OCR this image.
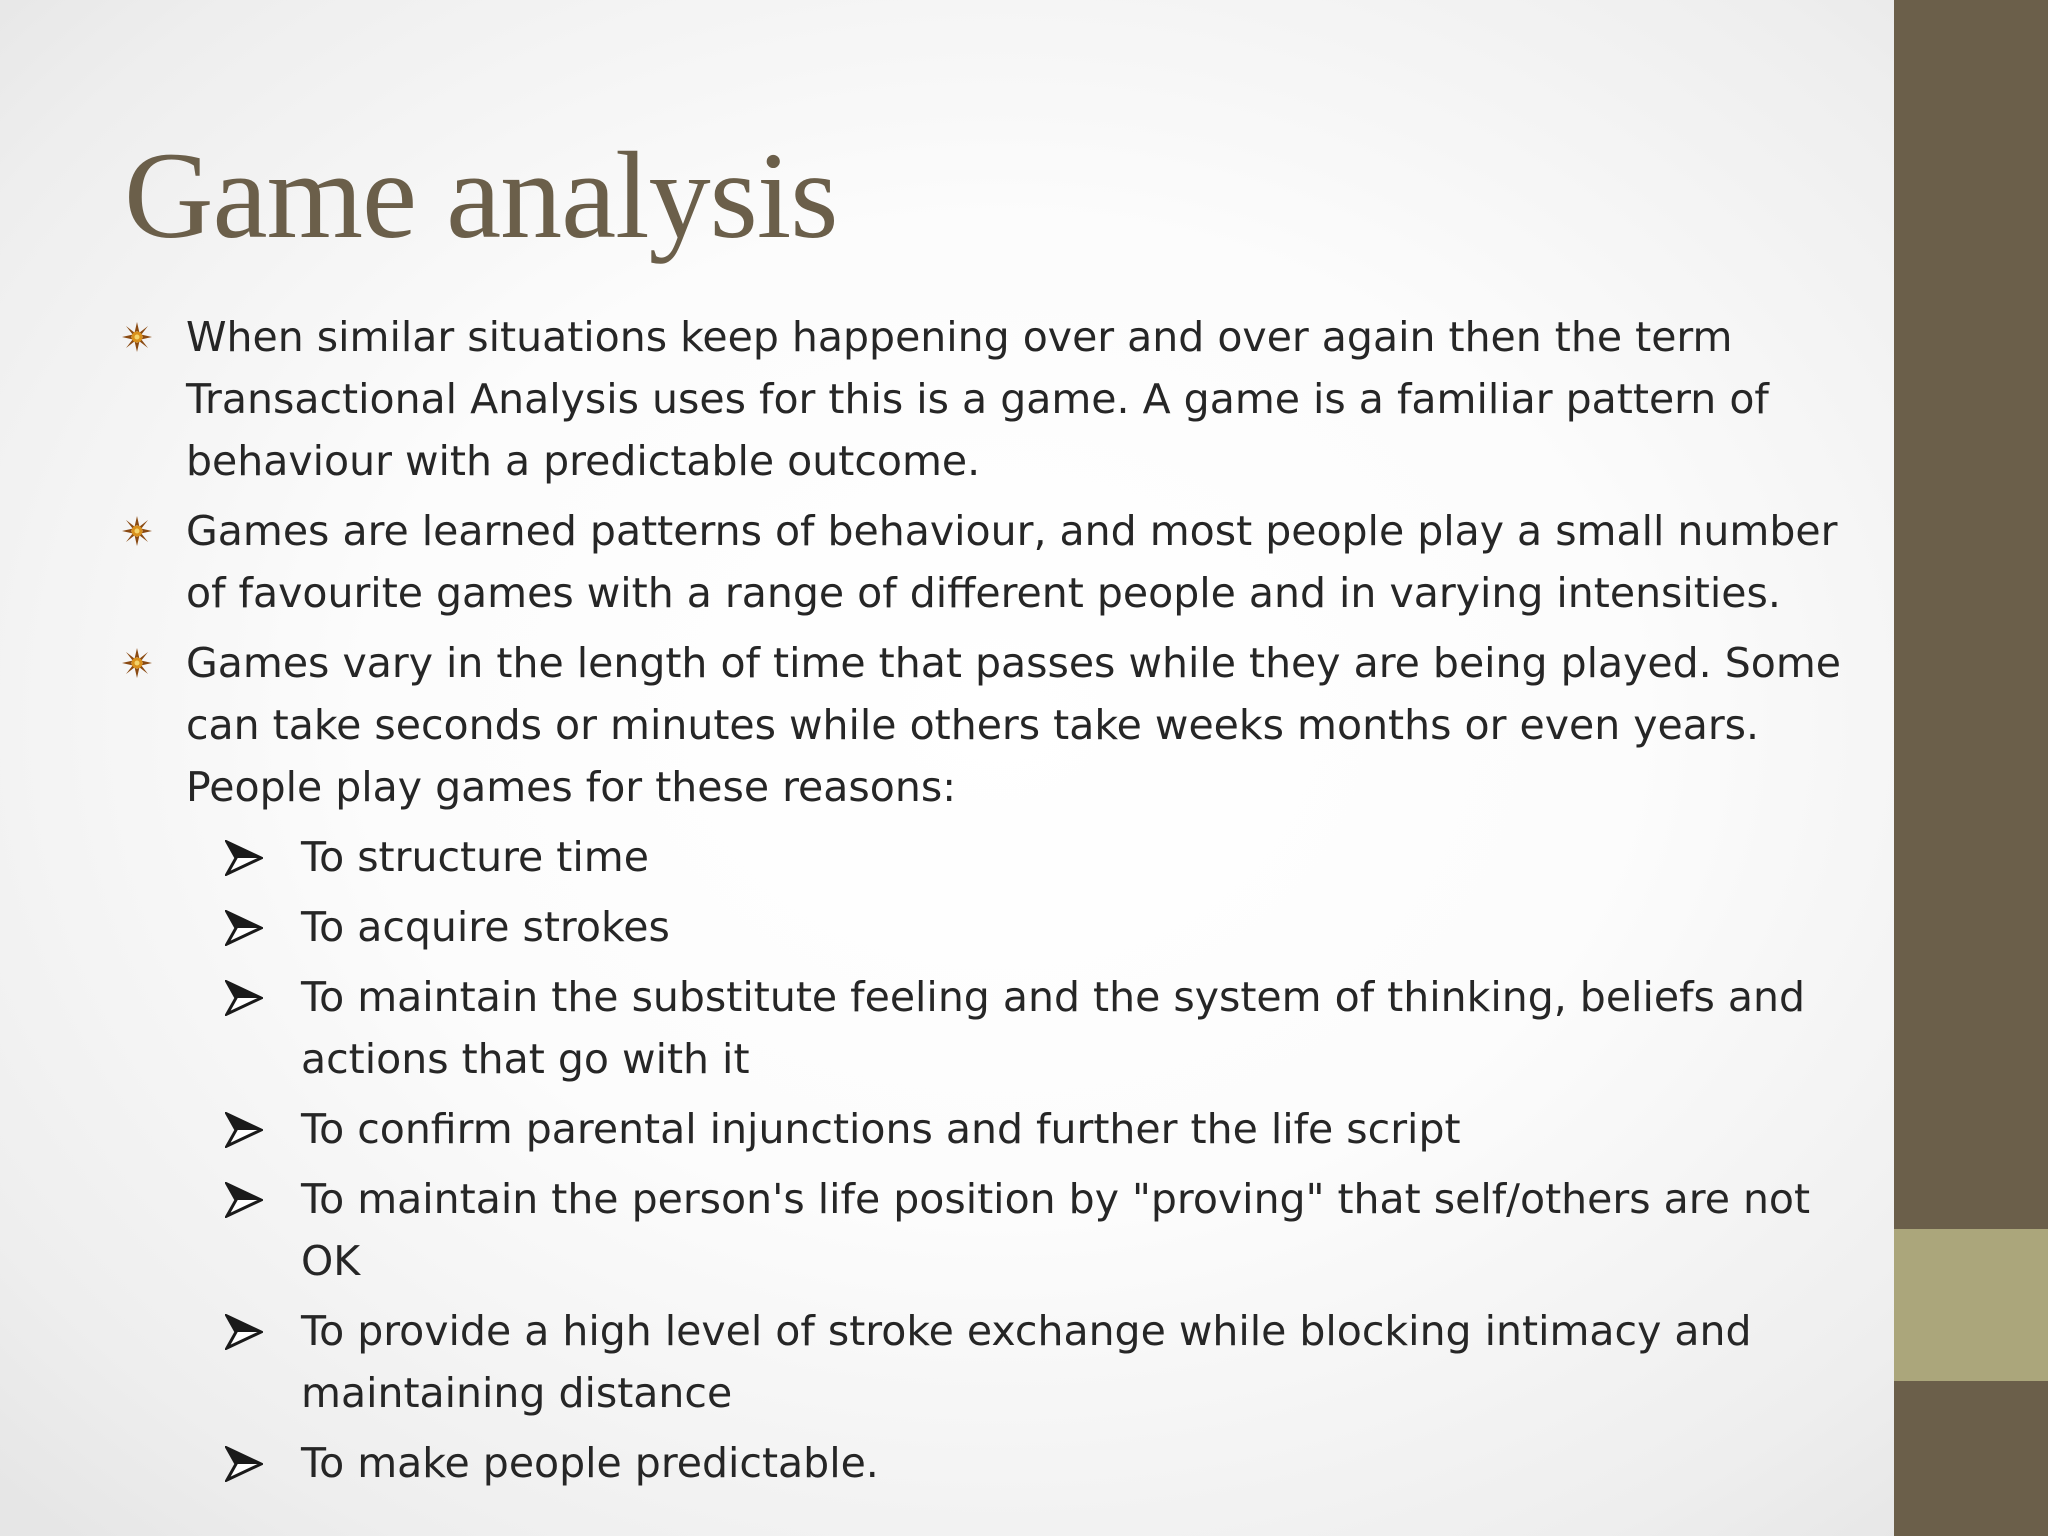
Game analysis
When similar situations keep happening over and over again then the term Transactional Analysis uses for this is a game. A game is a familiar pattern of behaviour with a predictable outcome.
Games are learned patterns of behaviour, and most people play a small number of favourite games with a range of different people and in varying intensities.
Games vary in the length of time that passes while they are being played. Some can take seconds or minutes while others take weeks months or even years. People play games for these reasons:
To structure time
To acquire strokes
To maintain the substitute feeling and the system of thinking, beliefs and actions that go with it
To confirm parental injunctions and further the life script
To maintain the person's life position by "proving" that self/others are not OK
To provide a high level of stroke exchange while blocking intimacy and maintaining distance
To make people predictable.
